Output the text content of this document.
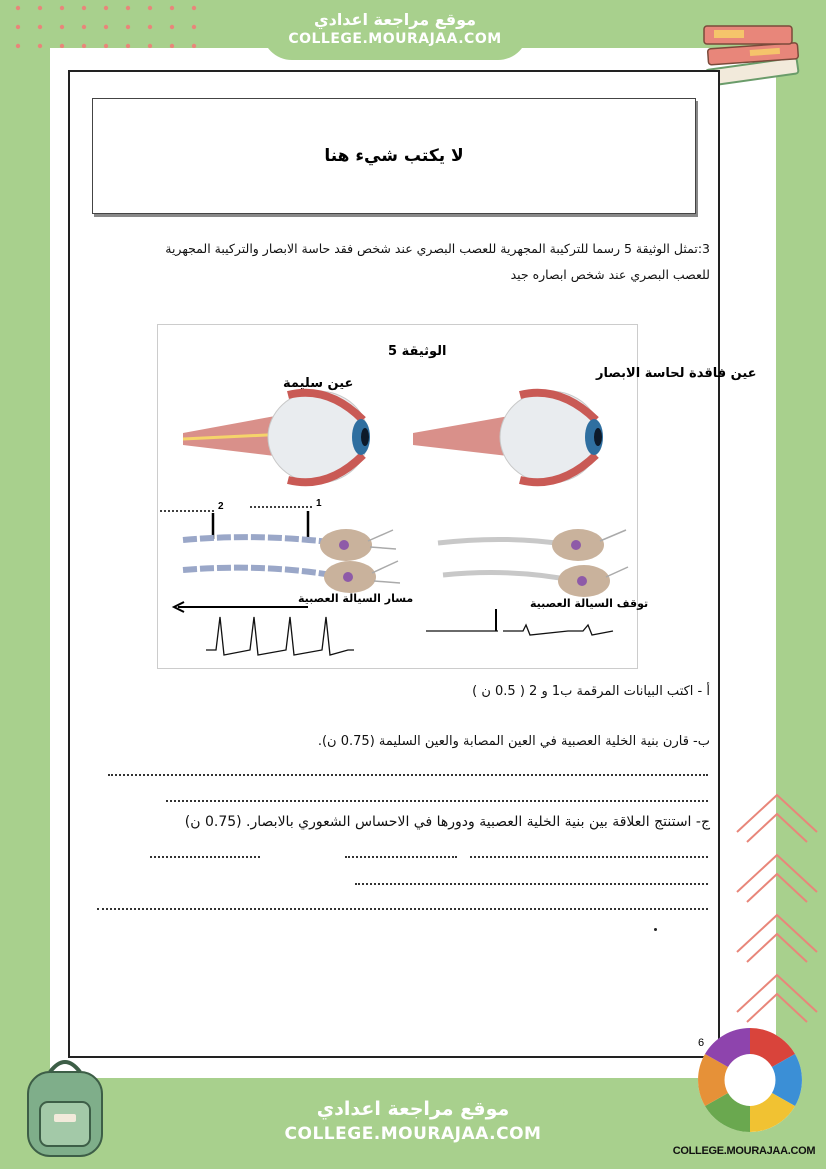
موقع مراجعة اعدادي
COLLEGE.MOURAJAA.COM
لا يكتب شيء هنا
3:تمثل الوثيقة 5 رسما للتركيبة المجهرية للعصب البصري عند شخص فقد حاسة الابصار والتركيبة المجهرية
للعصب البصري عند شخص ابصاره جيد
الوثيقة 5
عين سليمة
عين فاقدة لحاسة الابصار
2	1
مسار السيالة العصبية	توقف السيالة العصبية
أ - اكتب البيانات المرقمة ب1 و 2 ( 0.5 ن )
ب- قارن بنية الخلية العصبية في العين المصابة والعين السليمة (0.75 ن).
ج- استنتج العلاقة بين بنية الخلية العصبية ودورها في الاحساس الشعوري بالابصار. (0.75 ن)
6
موقع مراجعة اعدادي
COLLEGE.MOURAJAA.COM
COLLEGE.MOURAJAA.COM
